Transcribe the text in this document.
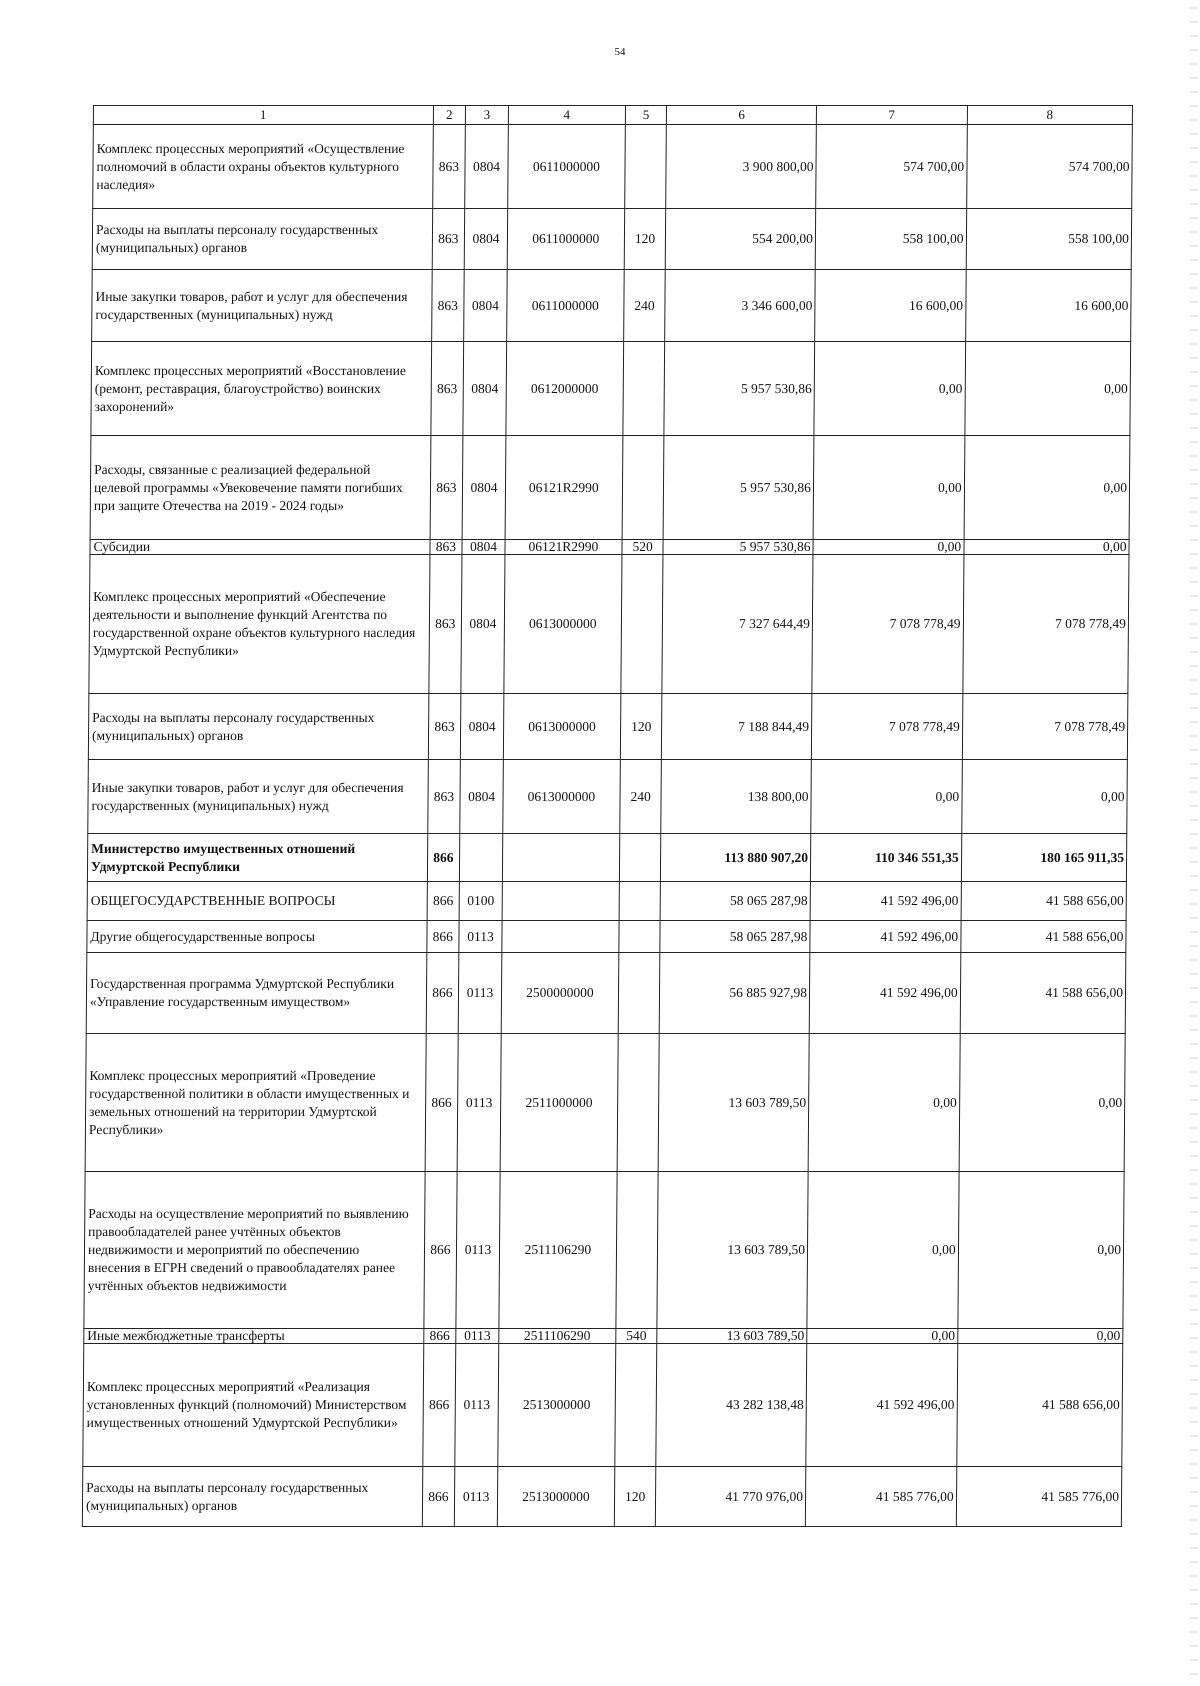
54
1	2	3	4	5	6	7	8
Комплекс процессных мероприятий «Осуществление полномочий в области охраны объектов культурного наследия»	863	0804	0611000000		3 900 800,00	574 700,00	574 700,00
Расходы на выплаты персоналу государственных (муниципальных) органов	863	0804	0611000000	120	554 200,00	558 100,00	558 100,00
Иные закупки товаров, работ и услуг для обеспечения государственных (муниципальных) нужд	863	0804	0611000000	240	3 346 600,00	16 600,00	16 600,00
Комплекс процессных мероприятий «Восстановление (ремонт, реставрация, благоустройство) воинских захоронений»	863	0804	0612000000		5 957 530,86	0,00	0,00
Расходы, связанные с реализацией федеральной целевой программы «Увековечение памяти погибших при защите Отечества на 2019 - 2024 годы»	863	0804	06121R2990		5 957 530,86	0,00	0,00
Субсидии	863	0804	06121R2990	520	5 957 530,86	0,00	0,00
Комплекс процессных мероприятий «Обеспечение деятельности и выполнение функций Агентства по государственной охране объектов культурного наследия Удмуртской Республики»	863	0804	0613000000		7 327 644,49	7 078 778,49	7 078 778,49
Расходы на выплаты персоналу государственных (муниципальных) органов	863	0804	0613000000	120	7 188 844,49	7 078 778,49	7 078 778,49
Иные закупки товаров, работ и услуг для обеспечения государственных (муниципальных) нужд	863	0804	0613000000	240	138 800,00	0,00	0,00
Министерство имущественных отношений Удмуртской Республики	866				113 880 907,20	110 346 551,35	180 165 911,35
ОБЩЕГОСУДАРСТВЕННЫЕ ВОПРОСЫ	866	0100			58 065 287,98	41 592 496,00	41 588 656,00
Другие общегосударственные вопросы	866	0113			58 065 287,98	41 592 496,00	41 588 656,00
Государственная программа Удмуртской Республики «Управление государственным имуществом»	866	0113	2500000000		56 885 927,98	41 592 496,00	41 588 656,00
Комплекс процессных мероприятий «Проведение государственной политики в области имущественных и земельных отношений на территории Удмуртской Республики»	866	0113	2511000000		13 603 789,50	0,00	0,00
Расходы на осуществление мероприятий по выявлению правообладателей ранее учтённых объектов недвижимости и мероприятий по обеспечению внесения в ЕГРН сведений о правообладателях ранее учтённых объектов недвижимости	866	0113	2511106290		13 603 789,50	0,00	0,00
Иные межбюджетные трансферты	866	0113	2511106290	540	13 603 789,50	0,00	0,00
Комплекс процессных мероприятий «Реализация установленных функций (полномочий) Министерством имущественных отношений Удмуртской Республики»	866	0113	2513000000		43 282 138,48	41 592 496,00	41 588 656,00
Расходы на выплаты персоналу государственных (муниципальных) органов	866	0113	2513000000	120	41 770 976,00	41 585 776,00	41 585 776,00
